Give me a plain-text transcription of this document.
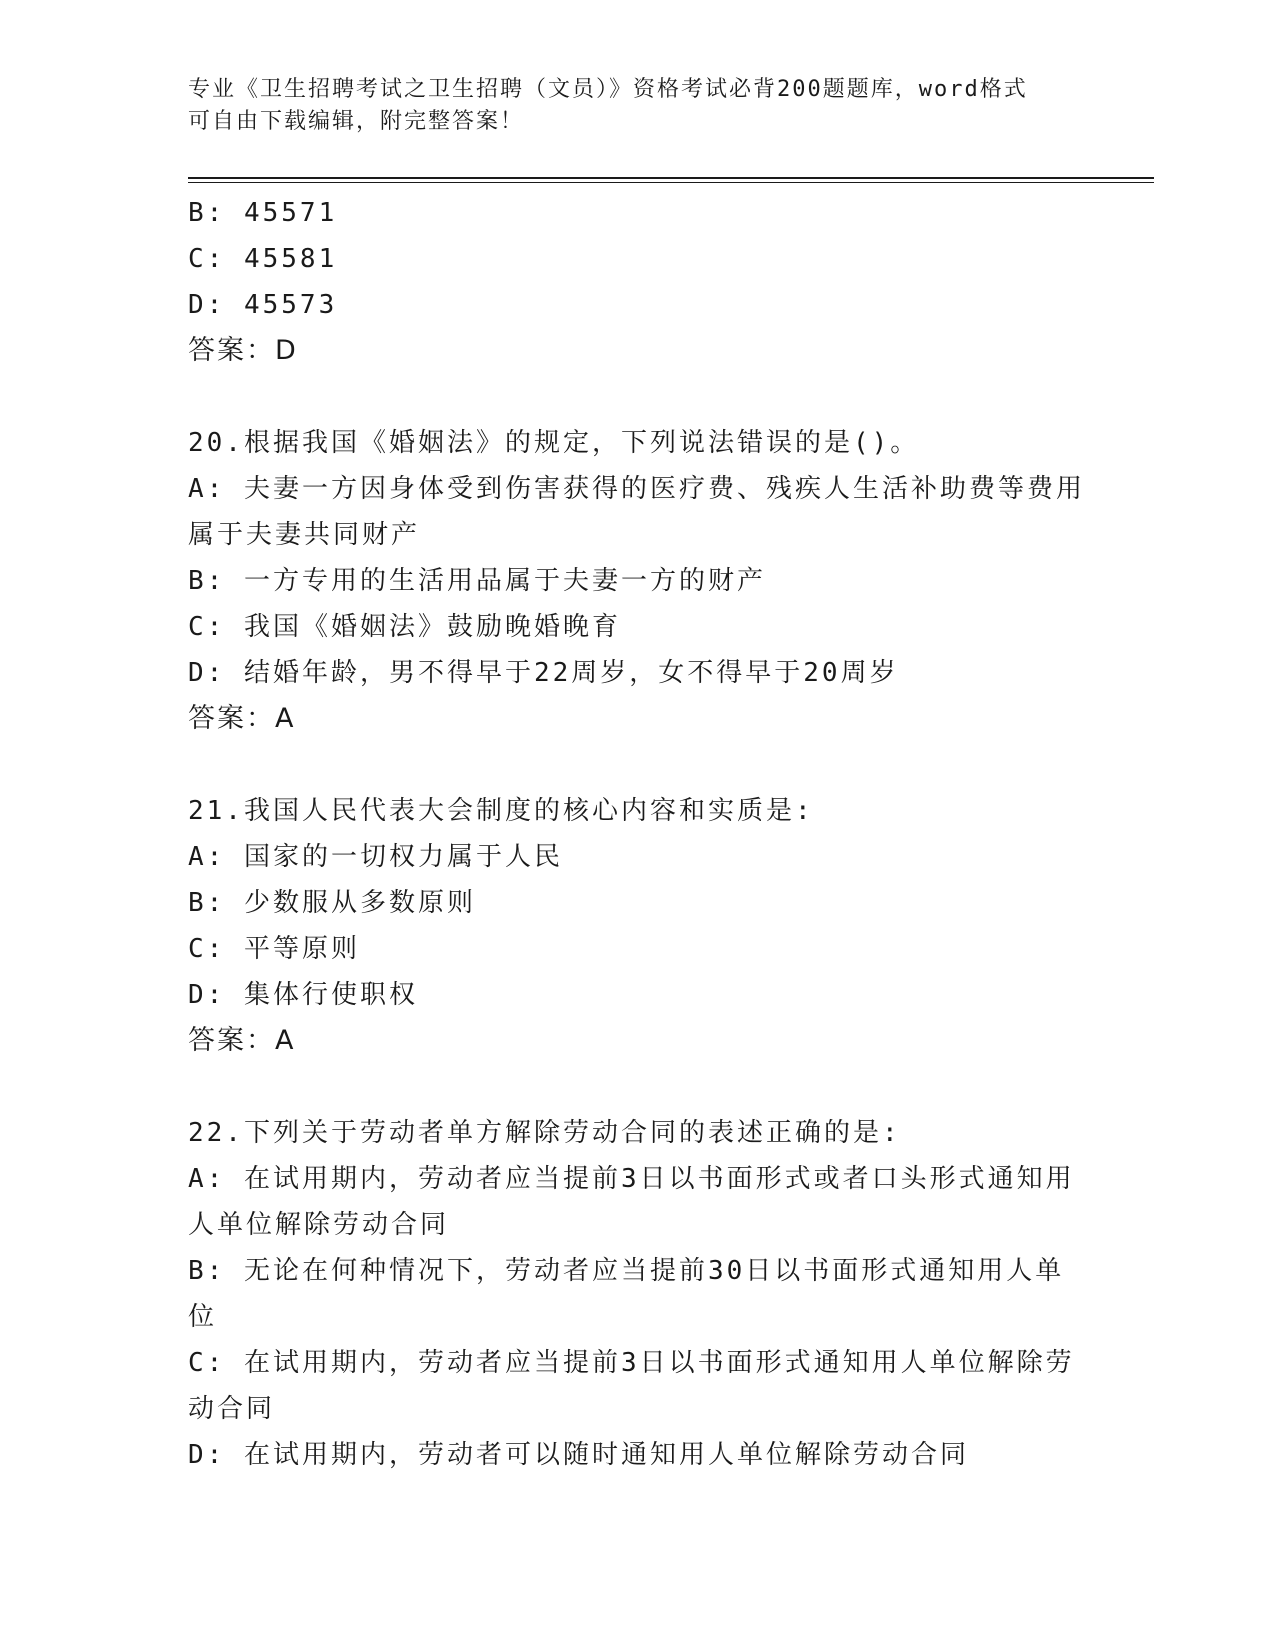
专业《卫生招聘考试之卫生招聘（文员）》资格考试必背200题题库，word格式
可自由下载编辑，附完整答案！
B: 45571
C: 45581
D: 45573
答案：D
20.根据我国《婚姻法》的规定，下列说法错误的是()。
A: 夫妻一方因身体受到伤害获得的医疗费、残疾人生活补助费等费用
属于夫妻共同财产
B: 一方专用的生活用品属于夫妻一方的财产
C: 我国《婚姻法》鼓励晚婚晚育
D: 结婚年龄，男不得早于22周岁，女不得早于20周岁
答案：A
21.我国人民代表大会制度的核心内容和实质是:
A: 国家的一切权力属于人民
B: 少数服从多数原则
C: 平等原则
D: 集体行使职权
答案：A
22.下列关于劳动者单方解除劳动合同的表述正确的是:
A: 在试用期内，劳动者应当提前3日以书面形式或者口头形式通知用
人单位解除劳动合同
B: 无论在何种情况下，劳动者应当提前30日以书面形式通知用人单
位
C: 在试用期内，劳动者应当提前3日以书面形式通知用人单位解除劳
动合同
D: 在试用期内，劳动者可以随时通知用人单位解除劳动合同
